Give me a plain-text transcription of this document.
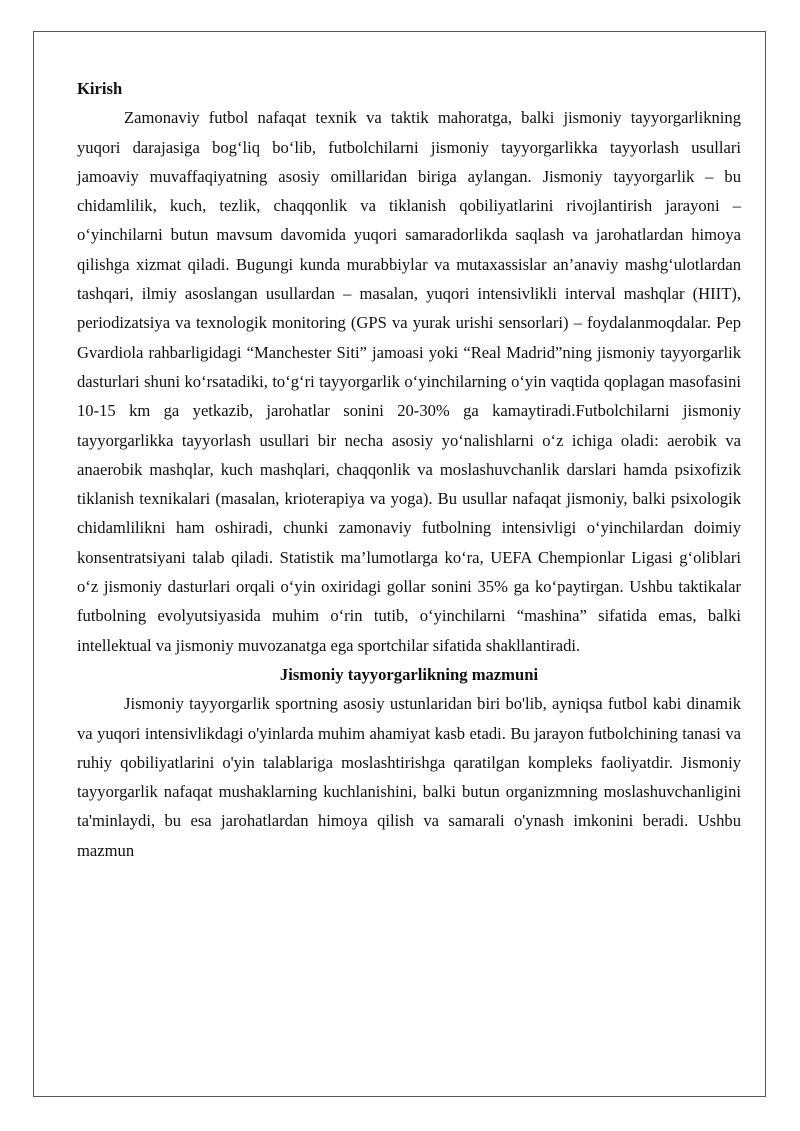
Kirish

Zamonaviy futbol nafaqat texnik va taktik mahoratga, balki jismoniy tayyorgarlikning yuqori darajasiga bog‘liq bo‘lib, futbolchilarni jismoniy tayyorgarlikka tayyorlash usullari jamoaviy muvaffaqiyatning asosiy omillaridan biriga aylangan. Jismoniy tayyorgarlik – bu chidamlilik, kuch, tezlik, chaqqonlik va tiklanish qobiliyatlarini rivojlantirish jarayoni – o‘yinchilarni butun mavsum davomida yuqori samaradorlikda saqlash va jarohatlardan himoya qilishga xizmat qiladi. Bugungi kunda murabbiylar va mutaxassislar an’anaviy mashg‘ulotlardan tashqari, ilmiy asoslangan usullardan – masalan, yuqori intensivlikli interval mashqlar (HIIT), periodizatsiya va texnologik monitoring (GPS va yurak urishi sensorlari) – foydalanmoqdalar. Pep Gvardiola rahbarligidagi “Manchester Siti” jamoasi yoki “Real Madrid”ning jismoniy tayyorgarlik dasturlari shuni ko‘rsatadiki, to‘g‘ri tayyorgarlik o‘yinchilarning o‘yin vaqtida qoplagan masofasini 10-15 km ga yetkazib, jarohatlar sonini 20-30% ga kamaytiradi.Futbolchilarni jismoniy tayyorgarlikka tayyorlash usullari bir necha asosiy yo‘nalishlarni o‘z ichiga oladi: aerobik va anaerobik mashqlar, kuch mashqlari, chaqqonlik va moslashuvchanlik darslari hamda psixofizik tiklanish texnikalari (masalan, krioterapiya va yoga). Bu usullar nafaqat jismoniy, balki psixologik chidamlilikni ham oshiradi, chunki zamonaviy futbolning intensivligi o‘yinchilardan doimiy konsentratsiyani talab qiladi. Statistik ma’lumotlarga ko‘ra, UEFA Chempionlar Ligasi g‘oliblari o‘z jismoniy dasturlari orqali o‘yin oxiridagi gollar sonini 35% ga ko‘paytirgan. Ushbu taktikalar futbolning evolyutsiyasida muhim o‘rin tutib, o‘yinchilarni “mashina” sifatida emas, balki intellektual va jismoniy muvozanatga ega sportchilar sifatida shakllantiradi.

Jismoniy tayyorgarlikning mazmuni

Jismoniy tayyorgarlik sportning asosiy ustunlaridan biri bo'lib, ayniqsa futbol kabi dinamik va yuqori intensivlikdagi o'yinlarda muhim ahamiyat kasb etadi. Bu jarayon futbolchining tanasi va ruhiy qobiliyatlarini o'yin talablariga moslashtirishga qaratilgan kompleks faoliyatdir. Jismoniy tayyorgarlik nafaqat mushaklarning kuchlanishini, balki butun organizmning moslashuvchanligini ta'minlaydi, bu esa jarohatlardan himoya qilish va samarali o'ynash imkonini beradi. Ushbu mazmun
